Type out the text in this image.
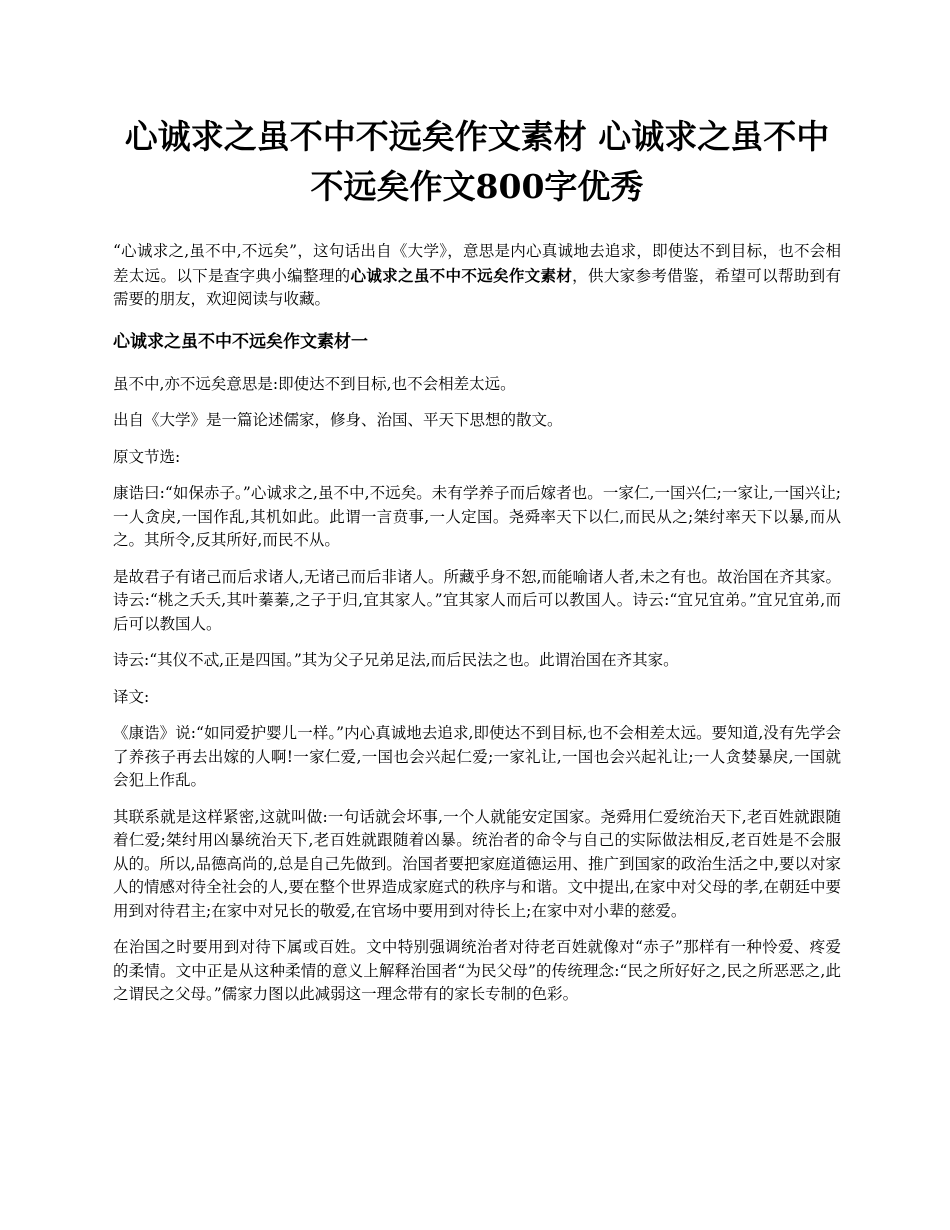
心诚求之虽不中不远矣作文素材 心诚求之虽不中不远矣作文800字优秀

“心诚求之,虽不中,不远矣”，这句话出自《大学》，意思是内心真诚地去追求，即使达不到目标，也不会相差太远。以下是查字典小编整理的心诚求之虽不中不远矣作文素材，供大家参考借鉴，希望可以帮助到有需要的朋友，欢迎阅读与收藏。

心诚求之虽不中不远矣作文素材一

虽不中,亦不远矣意思是:即使达不到目标,也不会相差太远。

出自《大学》是一篇论述儒家，修身、治国、平天下思想的散文。

原文节选:

康诰曰:“如保赤子。”心诚求之,虽不中,不远矣。未有学养子而后嫁者也。一家仁,一国兴仁;一家让,一国兴让;一人贪戾,一国作乱,其机如此。此谓一言贲事,一人定国。尧舜率天下以仁,而民从之;桀纣率天下以暴,而从之。其所令,反其所好,而民不从。

是故君子有诸己而后求诸人,无诸己而后非诸人。所藏乎身不恕,而能喻诸人者,未之有也。故治国在齐其家。诗云:“桃之夭夭,其叶蓁蓁,之子于归,宜其家人。”宜其家人而后可以教国人。诗云:“宜兄宜弟。”宜兄宜弟,而后可以教国人。

诗云:“其仪不忒,正是四国。”其为父子兄弟足法,而后民法之也。此谓治国在齐其家。

译文:

《康诰》说:“如同爱护婴儿一样。”内心真诚地去追求,即使达不到目标,也不会相差太远。要知道,没有先学会了养孩子再去出嫁的人啊!一家仁爱,一国也会兴起仁爱;一家礼让,一国也会兴起礼让;一人贪婪暴戾,一国就会犯上作乱。

其联系就是这样紧密,这就叫做:一句话就会坏事,一个人就能安定国家。尧舜用仁爱统治天下,老百姓就跟随着仁爱;桀纣用凶暴统治天下,老百姓就跟随着凶暴。统治者的命令与自己的实际做法相反,老百姓是不会服从的。所以,品德高尚的,总是自己先做到。治国者要把家庭道德运用、推广到国家的政治生活之中,要以对家人的情感对待全社会的人,要在整个世界造成家庭式的秩序与和谐。文中提出,在家中对父母的孝,在朝廷中要用到对待君主;在家中对兄长的敬爱,在官场中要用到对待长上;在家中对小辈的慈爱。

在治国之时要用到对待下属或百姓。文中特别强调统治者对待老百姓就像对“赤子”那样有一种怜爱、疼爱的柔情。文中正是从这种柔情的意义上解释治国者“为民父母”的传统理念:“民之所好好之,民之所恶恶之,此之谓民之父母。”儒家力图以此减弱这一理念带有的家长专制的色彩。
